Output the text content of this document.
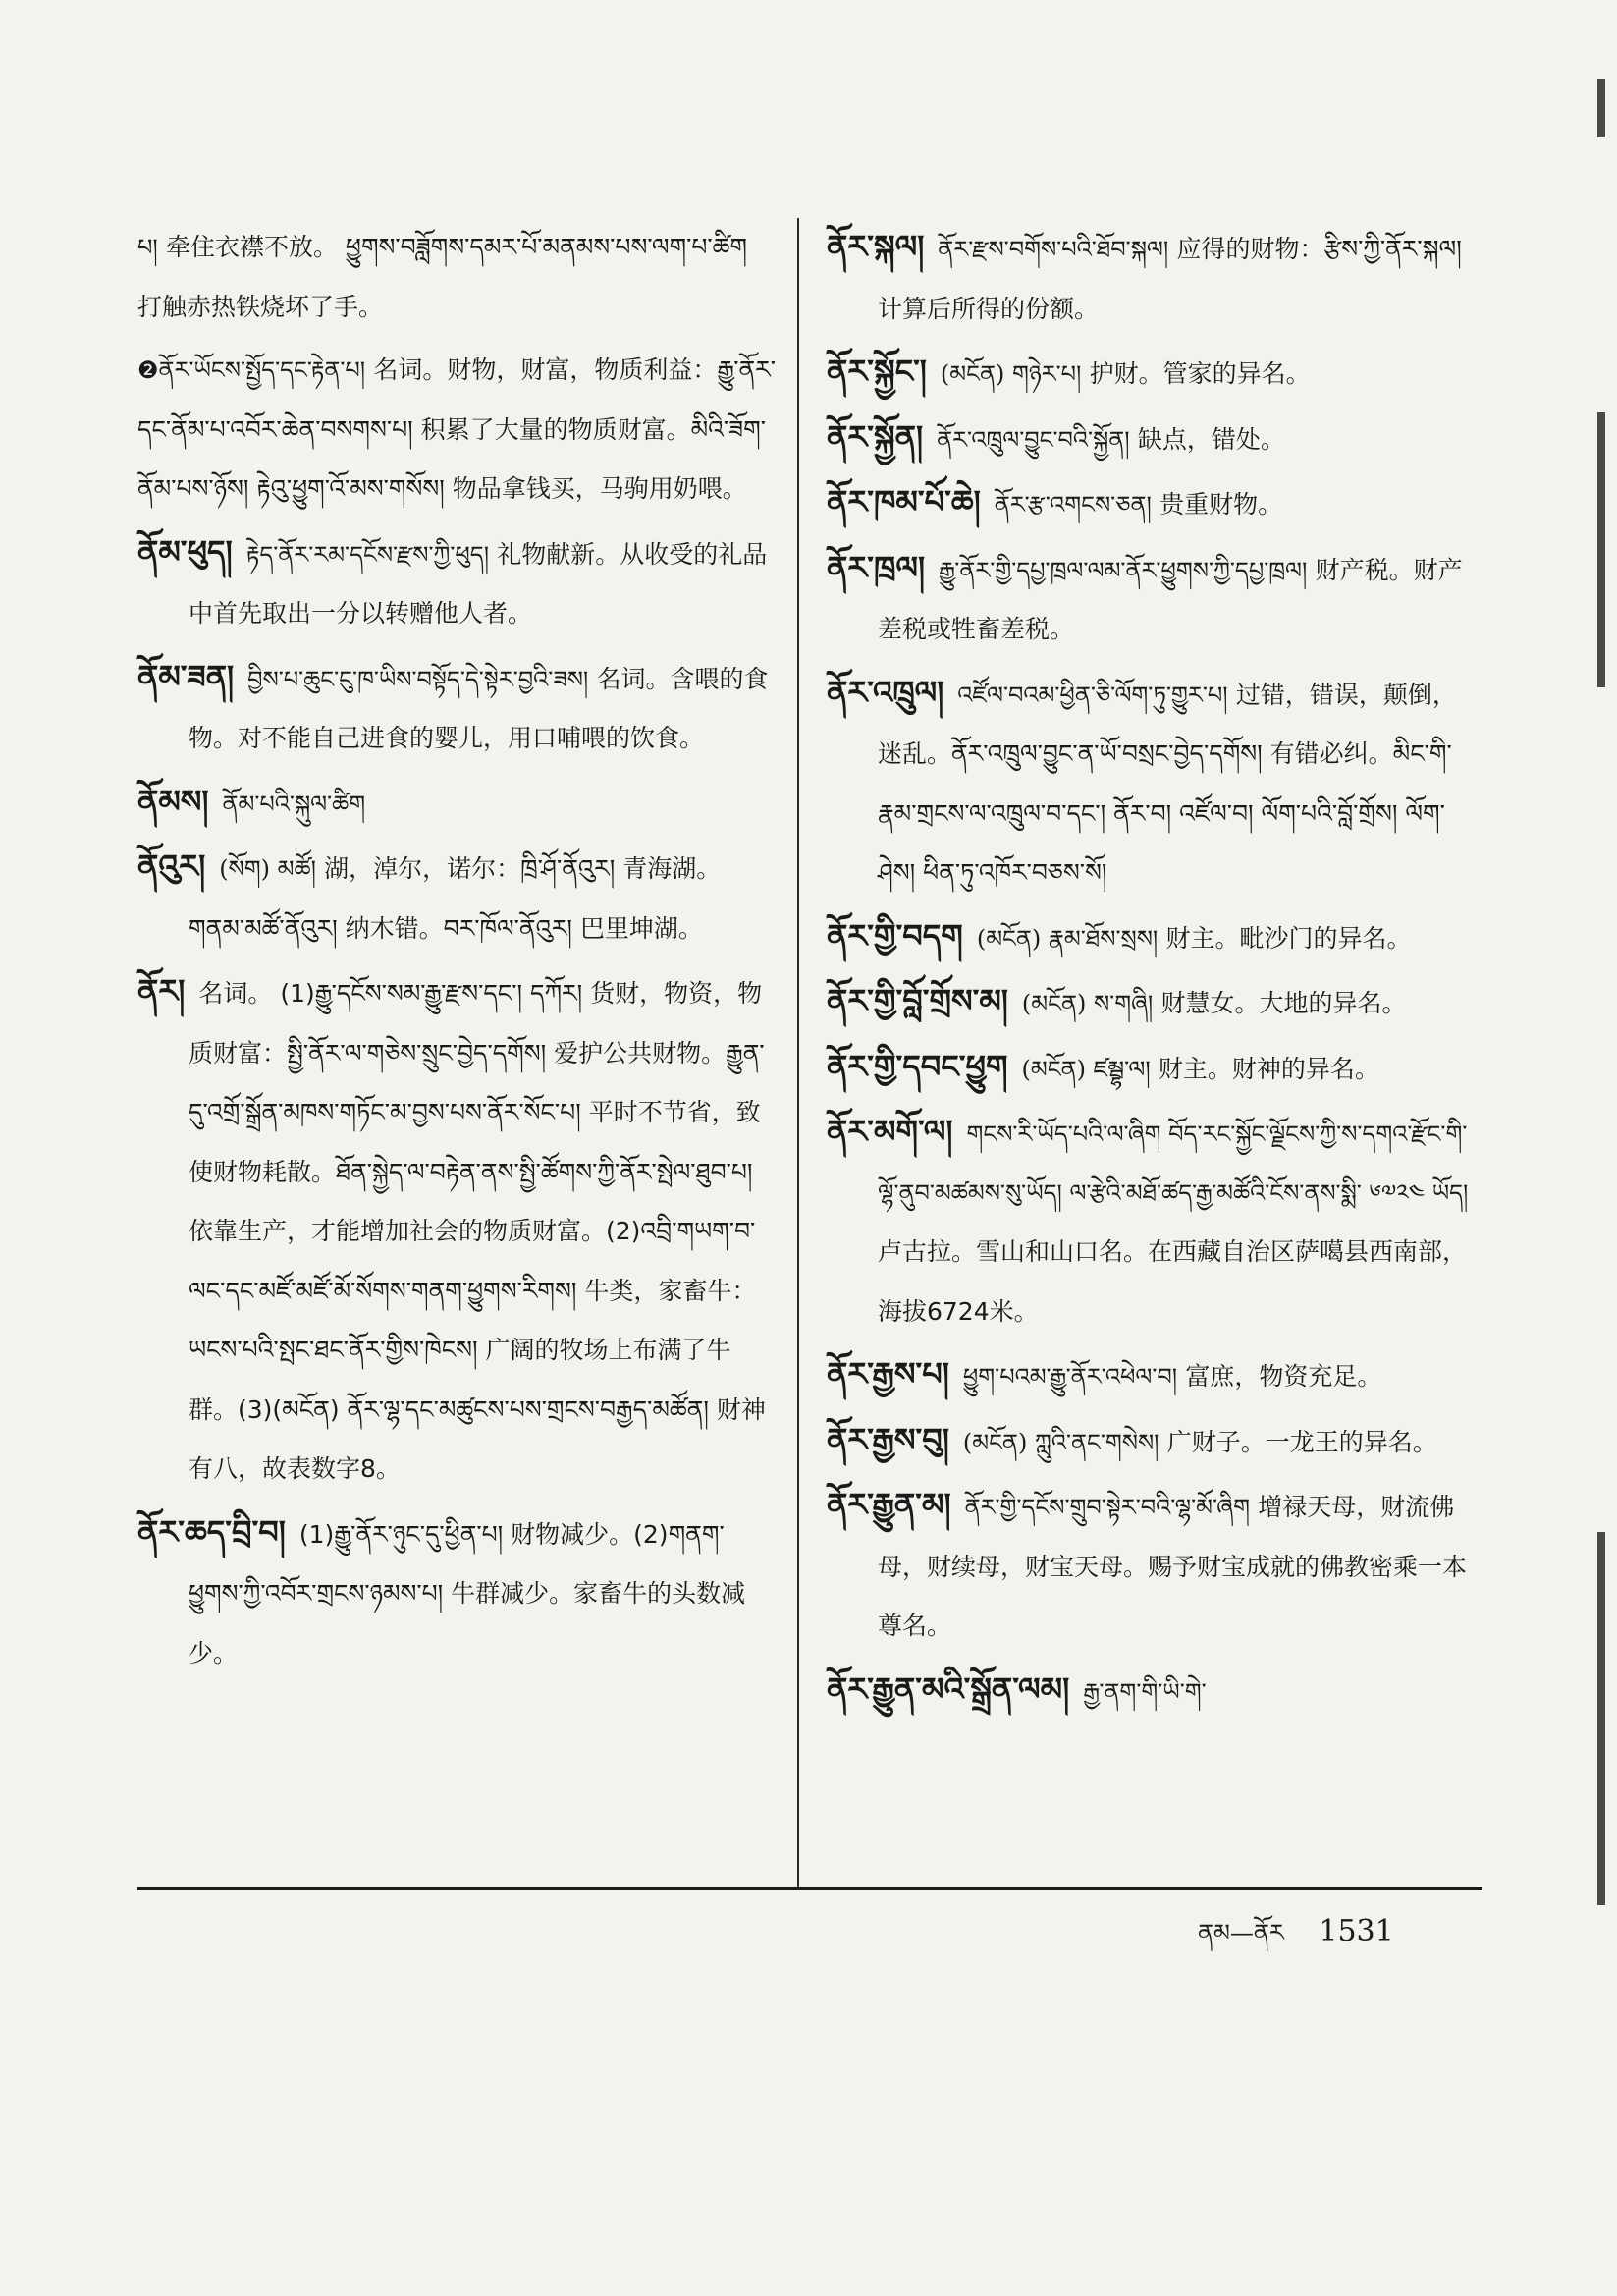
པ། 牵住衣襟不放。 ཕྱུགས་བཟློགས་དམར་པོ་མནམས་པས་ལག་པ་ཚིག 打触赤热铁烧坏了手。
❷ནོར་ཡོངས་སྤྱོད་དང་རྟེན་པ། 名词。财物，财富，物质利益：རྒྱུ་ནོར་དང་ནོམ་པ་འབོར་ཆེན་བསགས་པ། 积累了大量的物质财富。མིའི་ཟོག་ནོམ་པས་ཉོས། རྟེའུ་ཕྱུག་འོ་མས་གསོས། 物品拿钱买，马驹用奶喂。
ནོམ་ཕུད། རྟེད་ནོར་རམ་དངོས་རྫས་ཀྱི་ཕུད། 礼物献新。从收受的礼品中首先取出一分以转赠他人者。
ནོམ་ཟན། བྱིས་པ་ཆུང་ངུ་ཁ་ཡིས་བསྟོད་དེ་སྟེར་བྱའི་ཟས། 名词。含喂的食物。对不能自己进食的婴儿，用口哺喂的饮食。
ནོམས། ནོམ་པའི་སྐུལ་ཚིག
ནོའུར། (སོག) མཚོ། 湖，淖尔，诺尔：ཁྲི་ཤོ་ནོའུར། 青海湖。གནམ་མཚོ་ནོའུར། 纳木错。བར་ཁོལ་ནོའུར། 巴里坤湖。
ནོར། 名词。 (1)རྒྱུ་དངོས་སམ་རྒྱུ་རྫས་དང་། དཀོར། 货财，物资，物质财富：སྤྱི་ནོར་ལ་གཅེས་སྲུང་བྱེད་དགོས། 爱护公共财物。རྒྱུན་དུ་འགྲོ་སྒྲོན་མཁས་གཏོང་མ་བྱས་པས་ནོར་སོང་པ། 平时不节省，致使财物耗散。ཐོན་སྐྱེད་ལ་བརྟེན་ནས་སྤྱི་ཚོགས་ཀྱི་ནོར་སྤེལ་ཐུབ་པ། 依靠生产，才能增加社会的物质财富。(2)འབྲི་གཡག་བ་ལང་དང་མཛོ་མཛོ་མོ་སོགས་གནག་ཕྱུགས་རིགས། 牛类，家畜牛：ཡངས་པའི་སྤང་ཐང་ནོར་གྱིས་ཁེངས། 广阔的牧场上布满了牛群。(3)(མངོན) ནོར་ལྷ་དང་མཚུངས་པས་གྲངས་བརྒྱད་མཚོན། 财神有八，故表数字8。
ནོར་ཆད་བྲི་བ། (1)རྒྱུ་ནོར་ཉུང་དུ་ཕྱིན་པ། 财物减少。(2)གནག་ཕྱུགས་ཀྱི་འབོར་གྲངས་ཉམས་པ། 牛群减少。家畜牛的头数减少。
ནོར་སྐལ། ནོར་རྫས་བགོས་པའི་ཐོབ་སྐལ། 应得的财物：རྩིས་ཀྱི་ནོར་སྐལ། 计算后所得的份额。
ནོར་སྐྱོང་། (མངོན) གཉེར་པ། 护财。管家的异名。
ནོར་སྐྱོན། ནོར་འཁྲུལ་བྱུང་བའི་སྐྱོན། 缺点，错处。
ནོར་ཁམ་པོ་ཆེ། ནོར་རྩ་འགངས་ཅན། 贵重财物。
ནོར་ཁྲལ། རྒྱུ་ནོར་གྱི་དཔྱ་ཁྲལ་ལམ་ནོར་ཕྱུགས་ཀྱི་དཔྱ་ཁྲལ། 财产税。财产差税或牲畜差税。
ནོར་འཁྲུལ། འཛོལ་བའམ་ཕྱིན་ཅི་ལོག་ཏུ་གྱུར་པ། 过错，错误，颠倒，迷乱。ནོར་འཁྲུལ་བྱུང་ན་ཡོ་བསྲང་བྱེད་དགོས། 有错必纠。མིང་གི་རྣམ་གྲངས་ལ་འཁྲུལ་བ་དང་། ནོར་བ། འཛོལ་བ། ལོག་པའི་བློ་གྲོས། ལོག་ཤེས། ཕིན་ཏུ་འཁོར་བཅས་སོ།
ནོར་གྱི་བདག (མངོན) རྣམ་ཐོས་སྲས། 财主。毗沙门的异名。
ནོར་གྱི་བློ་གྲོས་མ། (མངོན) ས་གཞི། 财慧女。大地的异名。
ནོར་གྱི་དབང་ཕྱུག (མངོན) ཛམྦྷ་ལ། 财主。财神的异名。
ནོར་མགོ་ལ། གངས་རི་ཡོད་པའི་ལ་ཞིག བོད་རང་སྐྱོང་ལྗོངས་ཀྱི་ས་དགའ་རྫོང་གི་ལྷོ་ནུབ་མཚམས་སུ་ཡོད། ལ་རྩེའི་མཐོ་ཚད་རྒྱ་མཚོའི་ངོས་ནས་སྨི་ ༦༧༢༤ ཡོད། 卢古拉。雪山和山口名。在西藏自治区萨噶县西南部，海拔6724米。
ནོར་རྒྱས་པ། ཕྱུག་པའམ་རྒྱུ་ནོར་འཕེལ་བ། 富庶，物资充足。
ནོར་རྒྱས་བུ། (མངོན) ཀླུའི་ནང་གསེས། 广财子。一龙王的异名。
ནོར་རྒྱུན་མ། ནོར་གྱི་དངོས་གྲུབ་སྟེར་བའི་ལྷ་མོ་ཞིག 增禄天母，财流佛母，财续母，财宝天母。赐予财宝成就的佛教密乘一本尊名。
ནོར་རྒྱུན་མའི་སྒྲོན་ལམ། རྒྱ་ནག་གི་ཡི་གེ་
ནམ—ནོར 1531
